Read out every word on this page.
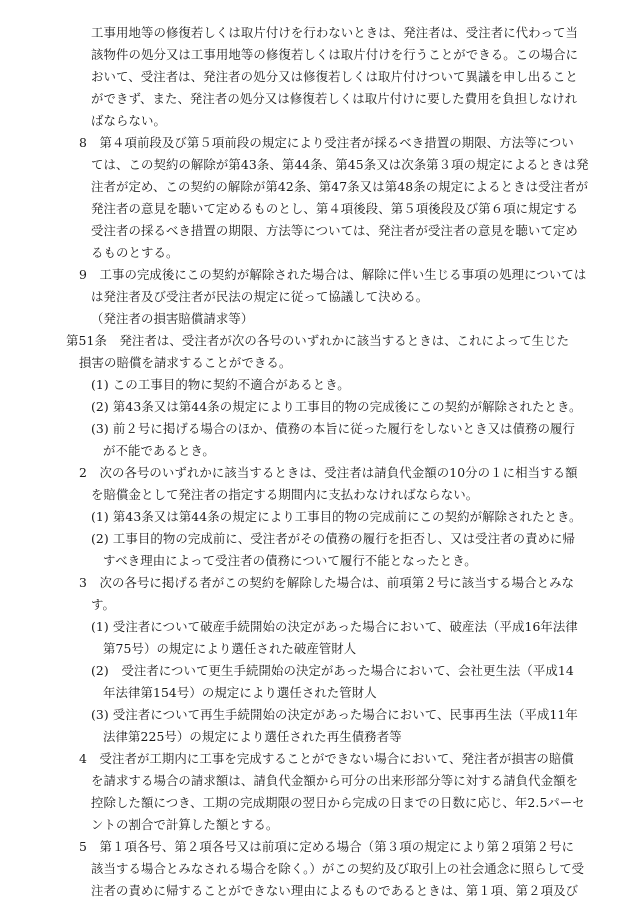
工事用地等の修復若しくは取片付けを行わないときは、発注者は、受注者に代わって当
該物件の処分又は工事用地等の修復若しくは取片付けを行うことができる。この場合に
おいて、受注者は、発注者の処分又は修復若しくは取片付けついて異議を申し出ること
ができず、また、発注者の処分又は修復若しくは取片付けに要した費用を負担しなけれ
ばならない。
8　第４項前段及び第５項前段の規定により受注者が採るべき措置の期限、方法等につい
ては、この契約の解除が第43条、第44条、第45条又は次条第３項の規定によるときは発
注者が定め、この契約の解除が第42条、第47条又は第48条の規定によるときは受注者が
発注者の意見を聴いて定めるものとし、第４項後段、第５項後段及び第６項に規定する
受注者の採るべき措置の期限、方法等については、発注者が受注者の意見を聴いて定め
るものとする。
9　工事の完成後にこの契約が解除された場合は、解除に伴い生じる事項の処理については
は発注者及び受注者が民法の規定に従って協議して決める。
（発注者の損害賠償請求等）
第51条　発注者は、受注者が次の各号のいずれかに該当するときは、これによって生じた
損害の賠償を請求することができる。
(1) この工事目的物に契約不適合があるとき。
(2) 第43条又は第44条の規定により工事目的物の完成後にこの契約が解除されたとき。
(3) 前２号に掲げる場合のほか、債務の本旨に従った履行をしないとき又は債務の履行
が不能であるとき。
2　次の各号のいずれかに該当するときは、受注者は請負代金額の10分の１に相当する額
を賠償金として発注者の指定する期間内に支払わなければならない。
(1) 第43条又は第44条の規定により工事目的物の完成前にこの契約が解除されたとき。
(2) 工事目的物の完成前に、受注者がその債務の履行を拒否し、又は受注者の責めに帰
すべき理由によって受注者の債務について履行不能となったとき。
3　次の各号に掲げる者がこの契約を解除した場合は、前項第２号に該当する場合とみな
す。
(1) 受注者について破産手続開始の決定があった場合において、破産法（平成16年法律
第75号）の規定により選任された破産管財人
(2)　受注者について更生手続開始の決定があった場合において、会社更生法（平成14
年法律第154号）の規定により選任された管財人
(3) 受注者について再生手続開始の決定があった場合において、民事再生法（平成11年
法律第225号）の規定により選任された再生債務者等
4　受注者が工期内に工事を完成することができない場合において、発注者が損害の賠償
を請求する場合の請求額は、請負代金額から可分の出来形部分等に対する請負代金額を
控除した額につき、工期の完成期限の翌日から完成の日までの日数に応じ、年2.5パーセ
ントの割合で計算した額とする。
5　第１項各号、第２項各号又は前項に定める場合（第３項の規定により第２項第２号に
該当する場合とみなされる場合を除く。）がこの契約及び取引上の社会通念に照らして受
注者の責めに帰することができない理由によるものであるときは、第１項、第２項及び
